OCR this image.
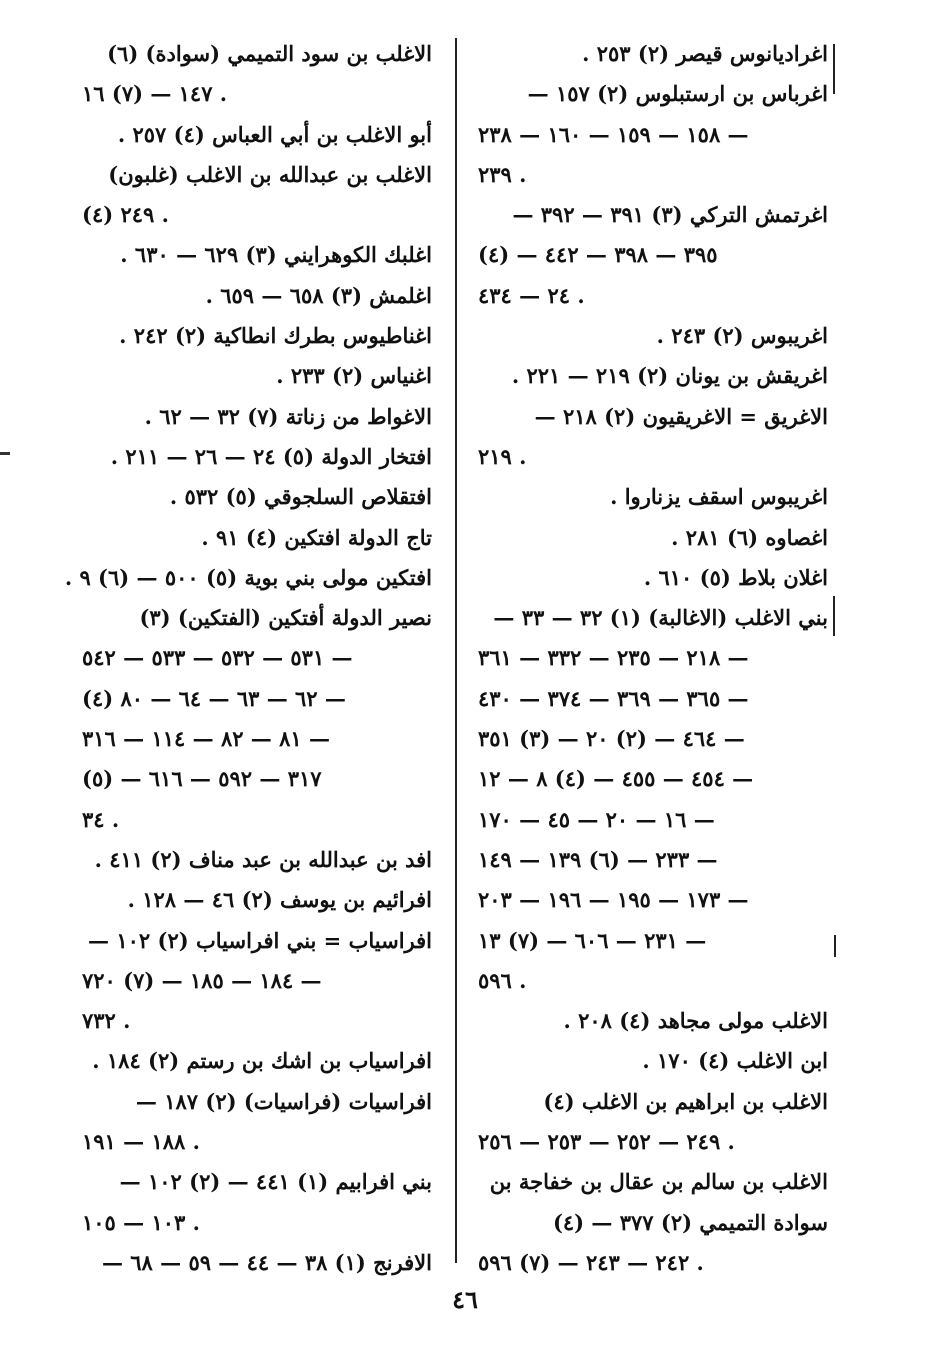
اغراديانوس قيصر (٢) ٢٥٣ .
اغرباس بن ارستبلوس (٢) ١٥٧ —
١٥٨ — ١٥٩ — ١٦٠ — ٢٣٨ —
٢٣٩ .
اغرتمش التركي (٣) ٣٩١ — ٣٩٢ —
٣٩٥ — ٣٩٨ — ٤٤٢ — (٤)
٢٤ — ٤٣٤ .
اغريبوس (٢) ٢٤٣ .
اغريقش بن يونان (٢) ٢١٩ — ٢٢١ .
الاغريق = الاغريقيون (٢) ٢١٨ —
٢١٩ .
اغريبوس اسقف يزناروا .
اغصاوه (٦) ٢٨١ .
اغلان بلاط (٥) ٦١٠ .
بني الاغلب (الاغالبة) (١) ٣٢ — ٣٣ —
٢١٨ — ٢٣٥ — ٣٣٢ — ٣٦١ —
٣٦٥ — ٣٦٩ — ٣٧٤ — ٤٣٠ —
٤٦٤ — (٢) ٢٠ — (٣) ٣٥١ —
٤٥٤ — ٤٥٥ — (٤) ٨ — ١٢ —
١٦ — ٢٠ — ٤٥ — ١٧٠ —
٢٣٣ — (٦) ١٣٩ — ١٤٩ —
١٧٣ — ١٩٥ — ١٩٦ — ٢٠٣ —
٢٣١ — ٦٠٦ — (٧) ١٣ —
٥٩٦ .
الاغلب مولى مجاهد (٤) ٢٠٨ .
ابن الاغلب (٤) ١٧٠ .
الاغلب بن ابراهيم بن الاغلب (٤)
٢٤٩ — ٢٥٢ — ٢٥٣ — ٢٥٦ .
الاغلب بن سالم بن عقال بن خفاجة بن
سوادة التميمي (٢) ٣٧٧ — (٤)
٢٤٢ — ٢٤٣ — (٧) ٥٩٦ .
الاغلب بن سود التميمي (سوادة) (٦)
١٤٧ — (٧) ١٦ .
أبو الاغلب بن أبي العباس (٤) ٢٥٧ .
الاغلب بن عبدالله بن الاغلب (غلبون)
(٤) ٢٤٩ .
اغلبك الكوهرايني (٣) ٦٢٩ — ٦٣٠ .
اغلمش (٣) ٦٥٨ — ٦٥٩ .
اغناطيوس بطرك انطاكية (٢) ٢٤٢ .
اغنياس (٢) ٢٣٣ .
الاغواط من زناتة (٧) ٣٢ — ٦٢ .
افتخار الدولة (٥) ٢٤ — ٢٦ — ٢١١ .
افتقلاص السلجوقي (٥) ٥٣٢ .
تاج الدولة افتكين (٤) ٩١ .
افتكين مولى بني بوية (٥) ٥٠٠ — (٦) ٩ .
نصير الدولة أفتكين (الفتكين) (٣)
٥٣١ — ٥٣٢ — ٥٣٣ — ٥٤٢ —
(٤) ٦٢ — ٦٣ — ٦٤ — ٨٠ —
٨١ — ٨٢ — ١١٤ — ٣١٦ —
٣١٧ — ٥٩٢ — ٦١٦ — (٥)
٣٤ .
افد بن عبدالله بن عبد مناف (٢) ٤١١ .
افرائيم بن يوسف (٢) ٤٦ — ١٢٨ .
افراسياب = بني افراسياب (٢) ١٠٢ —
١٨٤ — ١٨٥ — (٧) ٧٢٠ —
٧٣٢ .
افراسياب بن اشك بن رستم (٢) ١٨٤ .
افراسيات (فراسيات) (٢) ١٨٧ —
١٨٨ — ١٩١ .
بني افرابيم (١) ٤٤١ — (٢) ١٠٢ —
١٠٣ — ١٠٥ .
الافرنج (١) ٣٨ — ٤٤ — ٥٩ — ٦٨ —
٤٦
